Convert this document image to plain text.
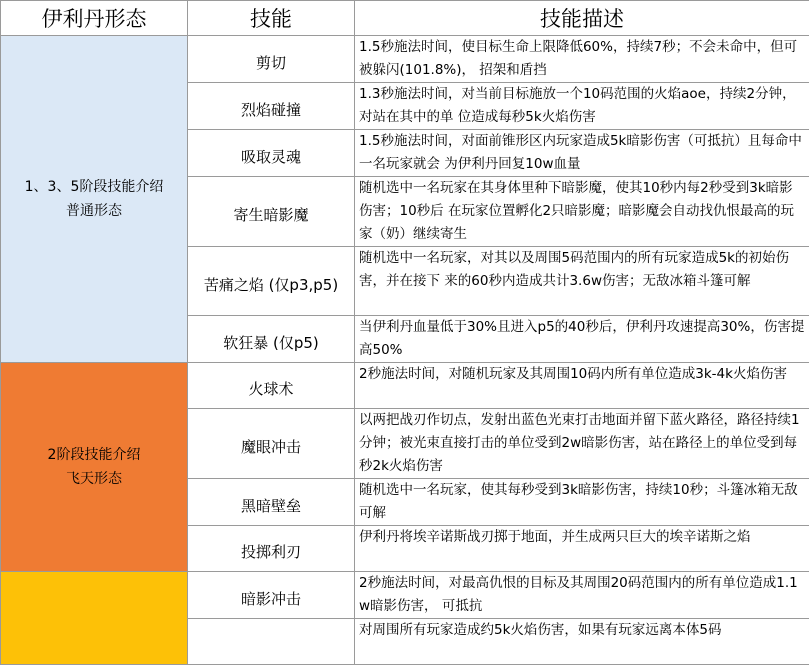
伊利丹形态	技能	技能描述

1、3、5阶段技能介绍
普通形态	剪切	1.5秒施法时间，使目标生命上限降低60%，持续7秒；不会未命中，但可被躲闪(101.8%)， 招架和盾挡
	烈焰碰撞	1.3秒施法时间，对当前目标施放一个10码范围的火焰aoe，持续2分钟，对站在其中的单 位造成每秒5k火焰伤害
	吸取灵魂	1.5秒施法时间，对面前锥形区内玩家造成5k暗影伤害（可抵抗）且每命中一名玩家就会 为伊利丹回复10w血量
	寄生暗影魔	随机选中一名玩家在其身体里种下暗影魔，使其10秒内每2秒受到3k暗影伤害；10秒后 在玩家位置孵化2只暗影魔；暗影魔会自动找仇恨最高的玩家（奶）继续寄生
	苦痛之焰 (仅p3,p5)	随机选中一名玩家，对其以及周围5码范围内的所有玩家造成5k的初始伤害，并在接下 来的60秒内造成共计3.6w伤害；无敌冰箱斗篷可解
	软狂暴 (仅p5)	当伊利丹血量低于30%且进入p5的40秒后，伊利丹攻速提高30%，伤害提高50%

2阶段技能介绍
飞天形态	火球术	2秒施法时间，对随机玩家及其周围10码内所有单位造成3k-4k火焰伤害
	魔眼冲击	以两把战刃作切点，发射出蓝色光束打击地面并留下蓝火路径，路径持续1分钟；被光束直接打击的单位受到2w暗影伤害，站在路径上的单位受到每秒2k火焰伤害
	黑暗壁垒	随机选中一名玩家，使其每秒受到3k暗影伤害，持续10秒；斗篷冰箱无敌可解
	投掷利刃	伊利丹将埃辛诺斯战刃掷于地面，并生成两只巨大的埃辛诺斯之焰
	暗影冲击	2秒施法时间，对最高仇恨的目标及其周围20码范围内的所有单位造成1.1w暗影伤害， 可抵抗
		对周围所有玩家造成约5k火焰伤害，如果有玩家远离本体5码
